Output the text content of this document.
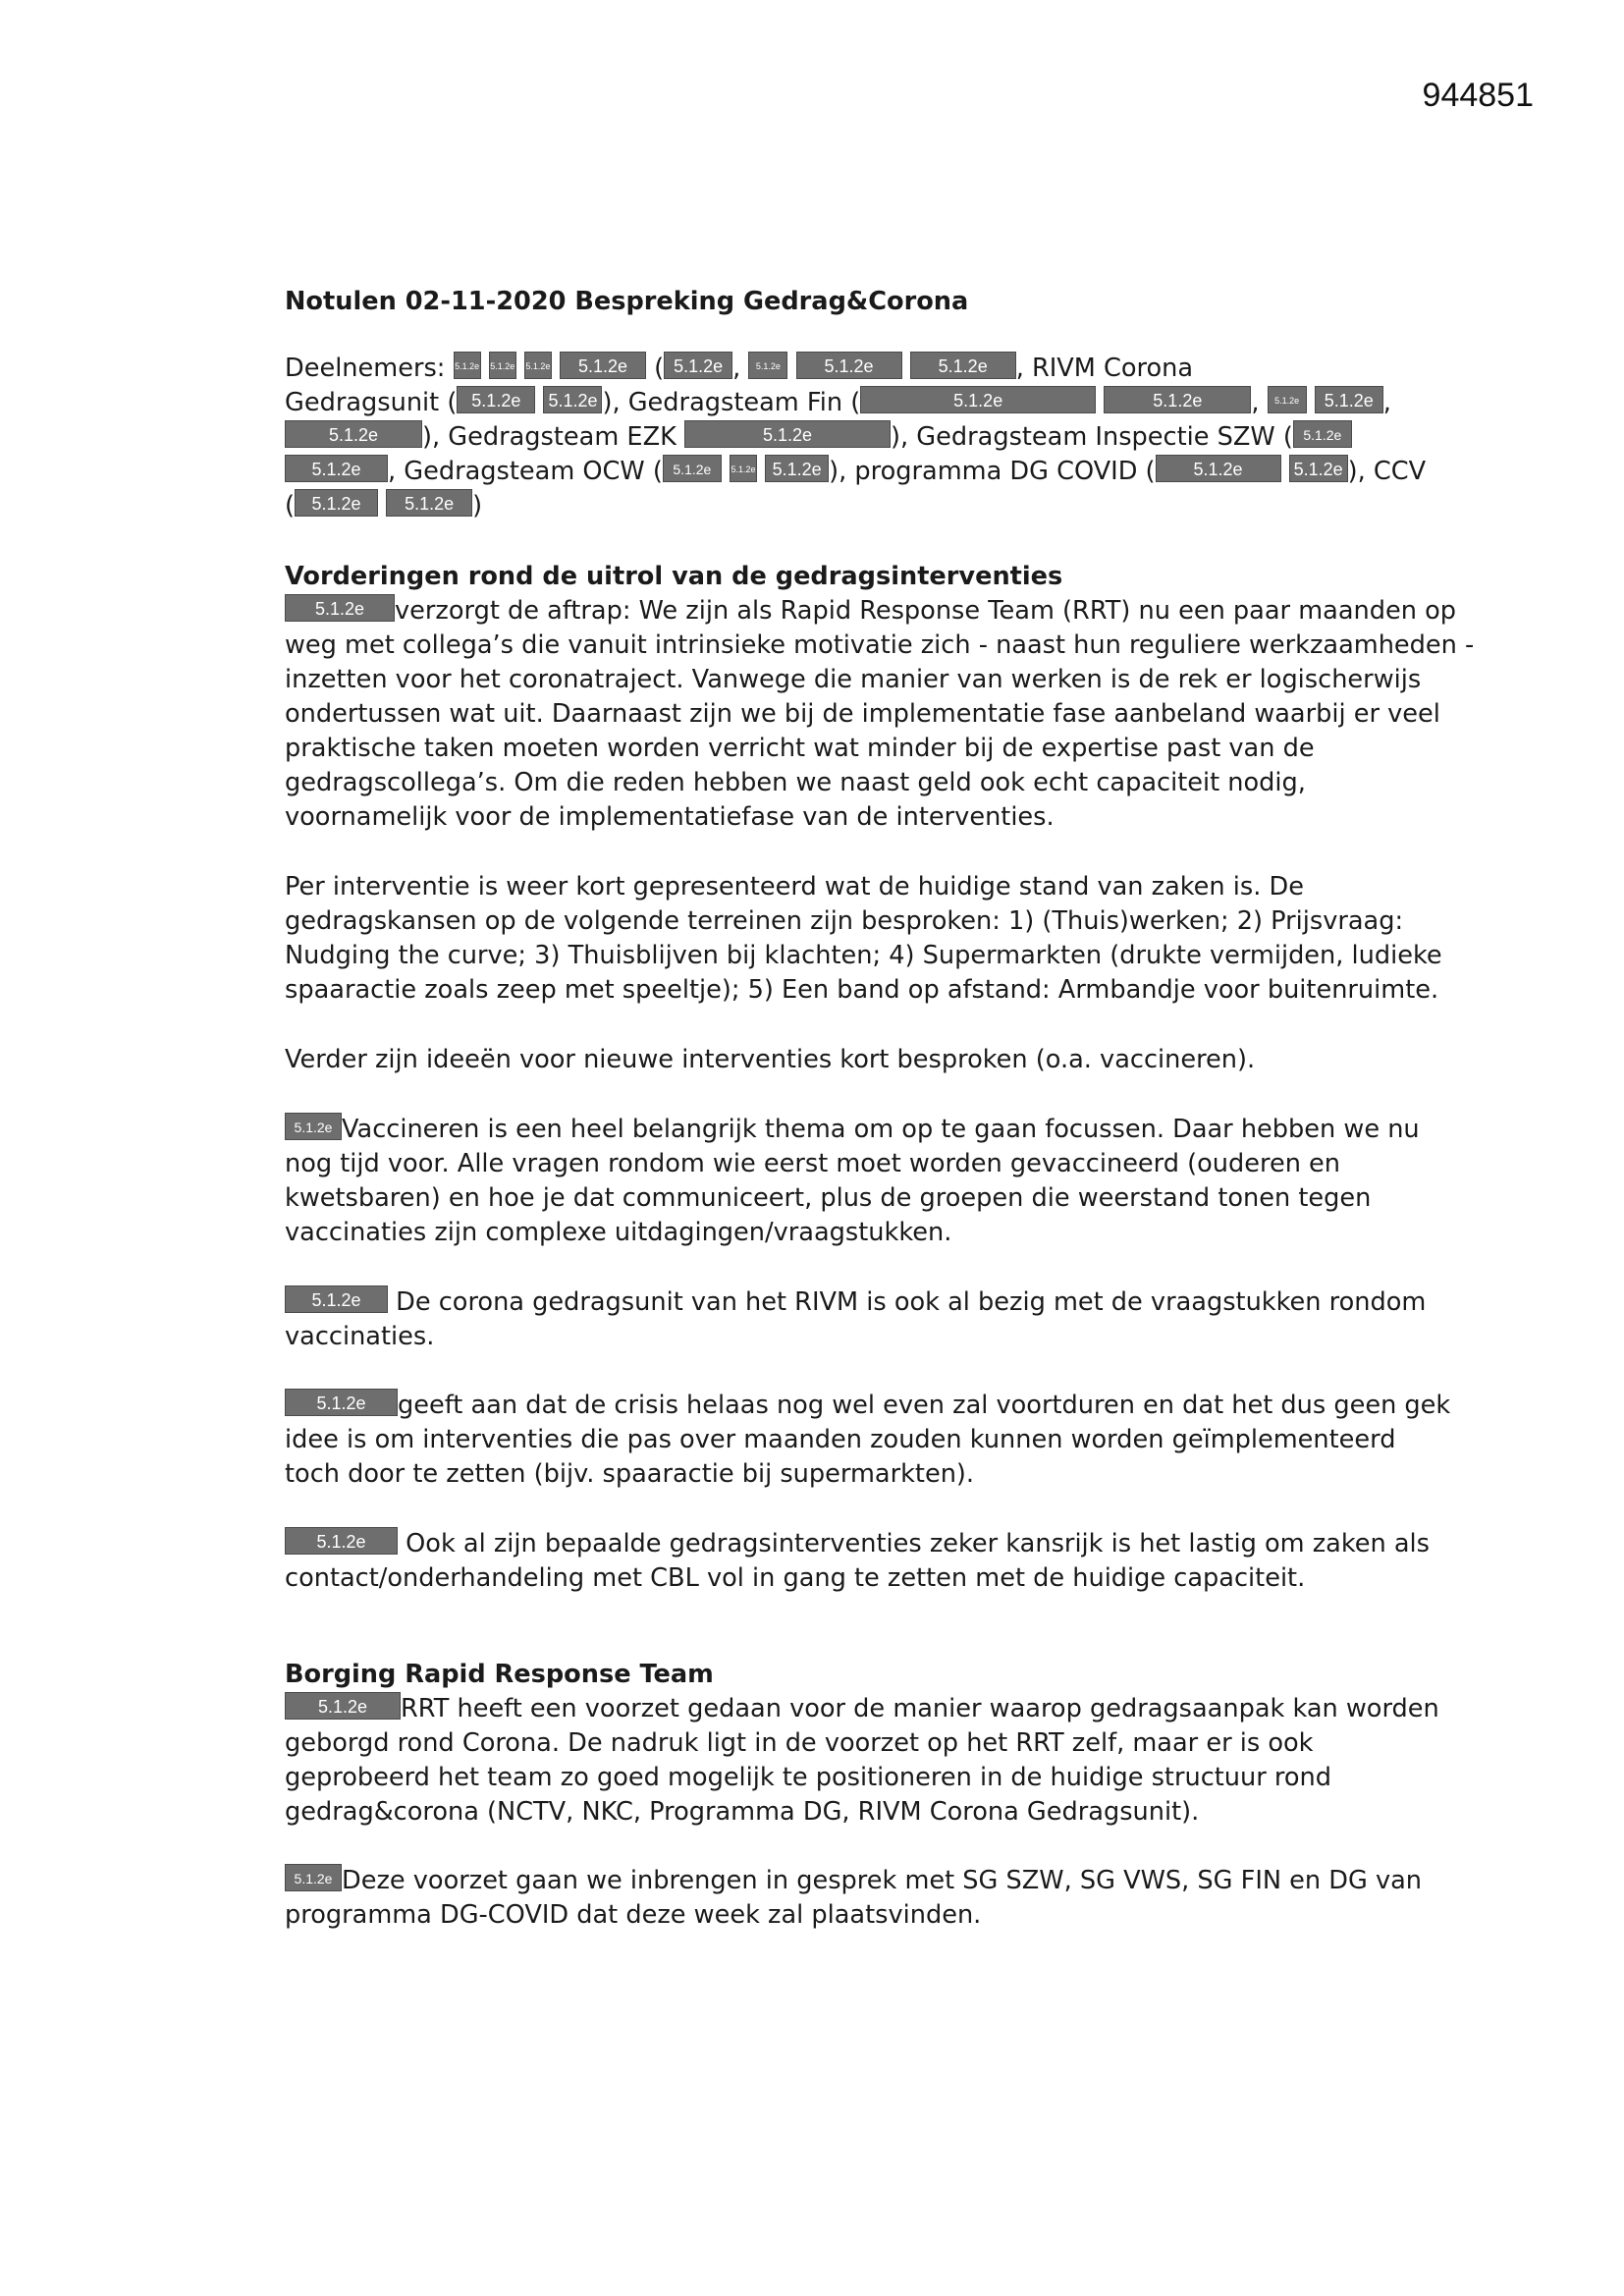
944851
Notulen 02-11-2020 Bespreking Gedrag&Corona
Deelnemers: 5.1.2e 5.1.2e 5.1.2e 5.1.2e ( 5.1.2e , 5.1.2e 5.1.2e	5.1.2e , RIVM Corona
Gedragsunit ( 5.1.2e 5.1.2e ), Gedragsteam Fin (	5.1.2e	5.1.2e , 5.1.2e 5.1.2e ,
5.1.2e ), Gedragsteam EZK	5.1.2e	), Gedragsteam Inspectie SZW ( 5.1.2e
5.1.2e , Gedragsteam OCW ( 5.1.2e 5.1.2e 5.1.2e ), programma DG COVID ( 5.1.2e	5.1.2e ), CCV
( 5.1.2e 5.1.2e )
Vorderingen rond de uitrol van de gedragsinterventies
5.1.2e verzorgt de aftrap: We zijn als Rapid Response Team (RRT) nu een paar maanden op
weg met collega’s die vanuit intrinsieke motivatie zich - naast hun reguliere werkzaamheden -
inzetten voor het coronatraject. Vanwege die manier van werken is de rek er logischerwijs
ondertussen wat uit. Daarnaast zijn we bij de implementatie fase aanbeland waarbij er veel
praktische taken moeten worden verricht wat minder bij de expertise past van de
gedragscollega’s. Om die reden hebben we naast geld ook echt capaciteit nodig,
voornamelijk voor de implementatiefase van de interventies.
Per interventie is weer kort gepresenteerd wat de huidige stand van zaken is. De
gedragskansen op de volgende terreinen zijn besproken: 1) (Thuis)werken; 2) Prijsvraag:
Nudging the curve; 3) Thuisblijven bij klachten; 4) Supermarkten (drukte vermijden, ludieke
spaaractie zoals zeep met speeltje); 5) Een band op afstand: Armbandje voor buitenruimte.
Verder zijn ideeën voor nieuwe interventies kort besproken (o.a. vaccineren).
5.1.2e Vaccineren is een heel belangrijk thema om op te gaan focussen. Daar hebben we nu
nog tijd voor. Alle vragen rondom wie eerst moet worden gevaccineerd (ouderen en
kwetsbaren) en hoe je dat communiceert, plus de groepen die weerstand tonen tegen
vaccinaties zijn complexe uitdagingen/vraagstukken.
5.1.2e De corona gedragsunit van het RIVM is ook al bezig met de vraagstukken rondom
vaccinaties.
5.1.2e geeft aan dat de crisis helaas nog wel even zal voortduren en dat het dus geen gek
idee is om interventies die pas over maanden zouden kunnen worden geïmplementeerd
toch door te zetten (bijv. spaaractie bij supermarkten).
5.1.2e Ook al zijn bepaalde gedragsinterventies zeker kansrijk is het lastig om zaken als
contact/onderhandeling met CBL vol in gang te zetten met de huidige capaciteit.
Borging Rapid Response Team
5.1.2e RRT heeft een voorzet gedaan voor de manier waarop gedragsaanpak kan worden
geborgd rond Corona. De nadruk ligt in de voorzet op het RRT zelf, maar er is ook
geprobeerd het team zo goed mogelijk te positioneren in de huidige structuur rond
gedrag&corona (NCTV, NKC, Programma DG, RIVM Corona Gedragsunit).
5.1.2e Deze voorzet gaan we inbrengen in gesprek met SG SZW, SG VWS, SG FIN en DG van
programma DG-COVID dat deze week zal plaatsvinden.
